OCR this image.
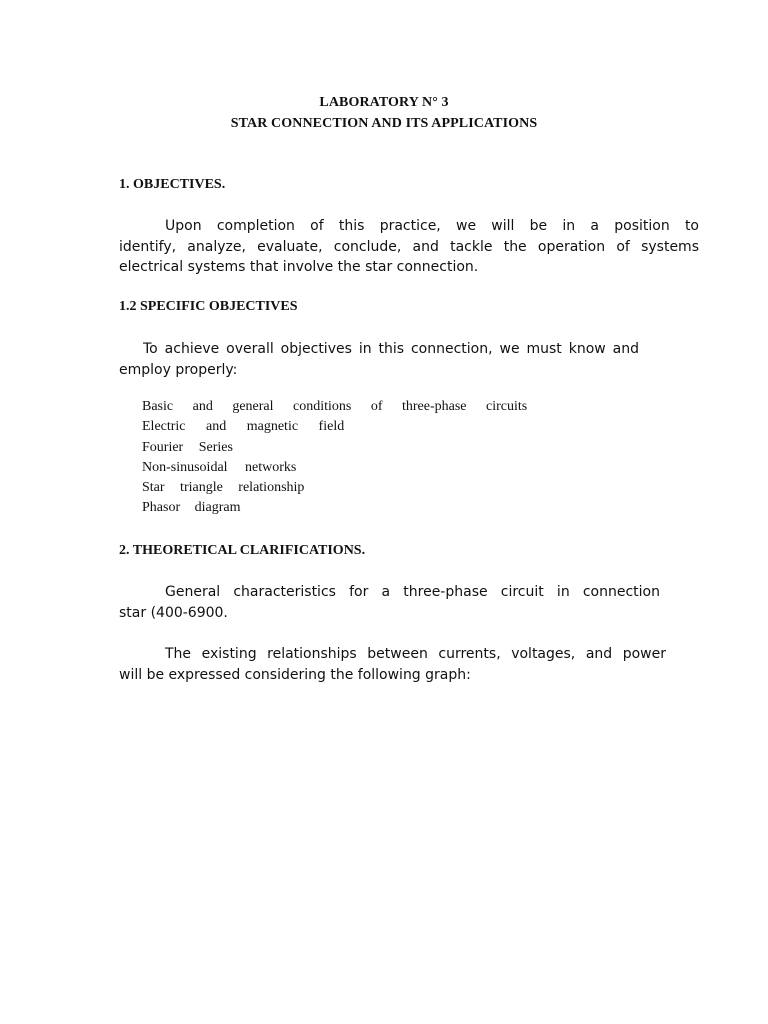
LABORATORY N° 3
STAR CONNECTION AND ITS APPLICATIONS
1. OBJECTIVES.
Upon completion of this practice, we will be in a position to
identify, analyze, evaluate, conclude, and tackle the operation of systems
electrical systems that involve the star connection.
1.2 SPECIFIC OBJECTIVES
To achieve overall objectives in this connection, we must know and
employ properly:
Basic and general conditions of three-phase circuits
Electric and magnetic field
Fourier Series
Non-sinusoidal networks
Star triangle relationship
Phasor diagram
2. THEORETICAL CLARIFICATIONS.
General characteristics for a three-phase circuit in connection
star (400-6900.
The existing relationships between currents, voltages, and power
will be expressed considering the following graph:
